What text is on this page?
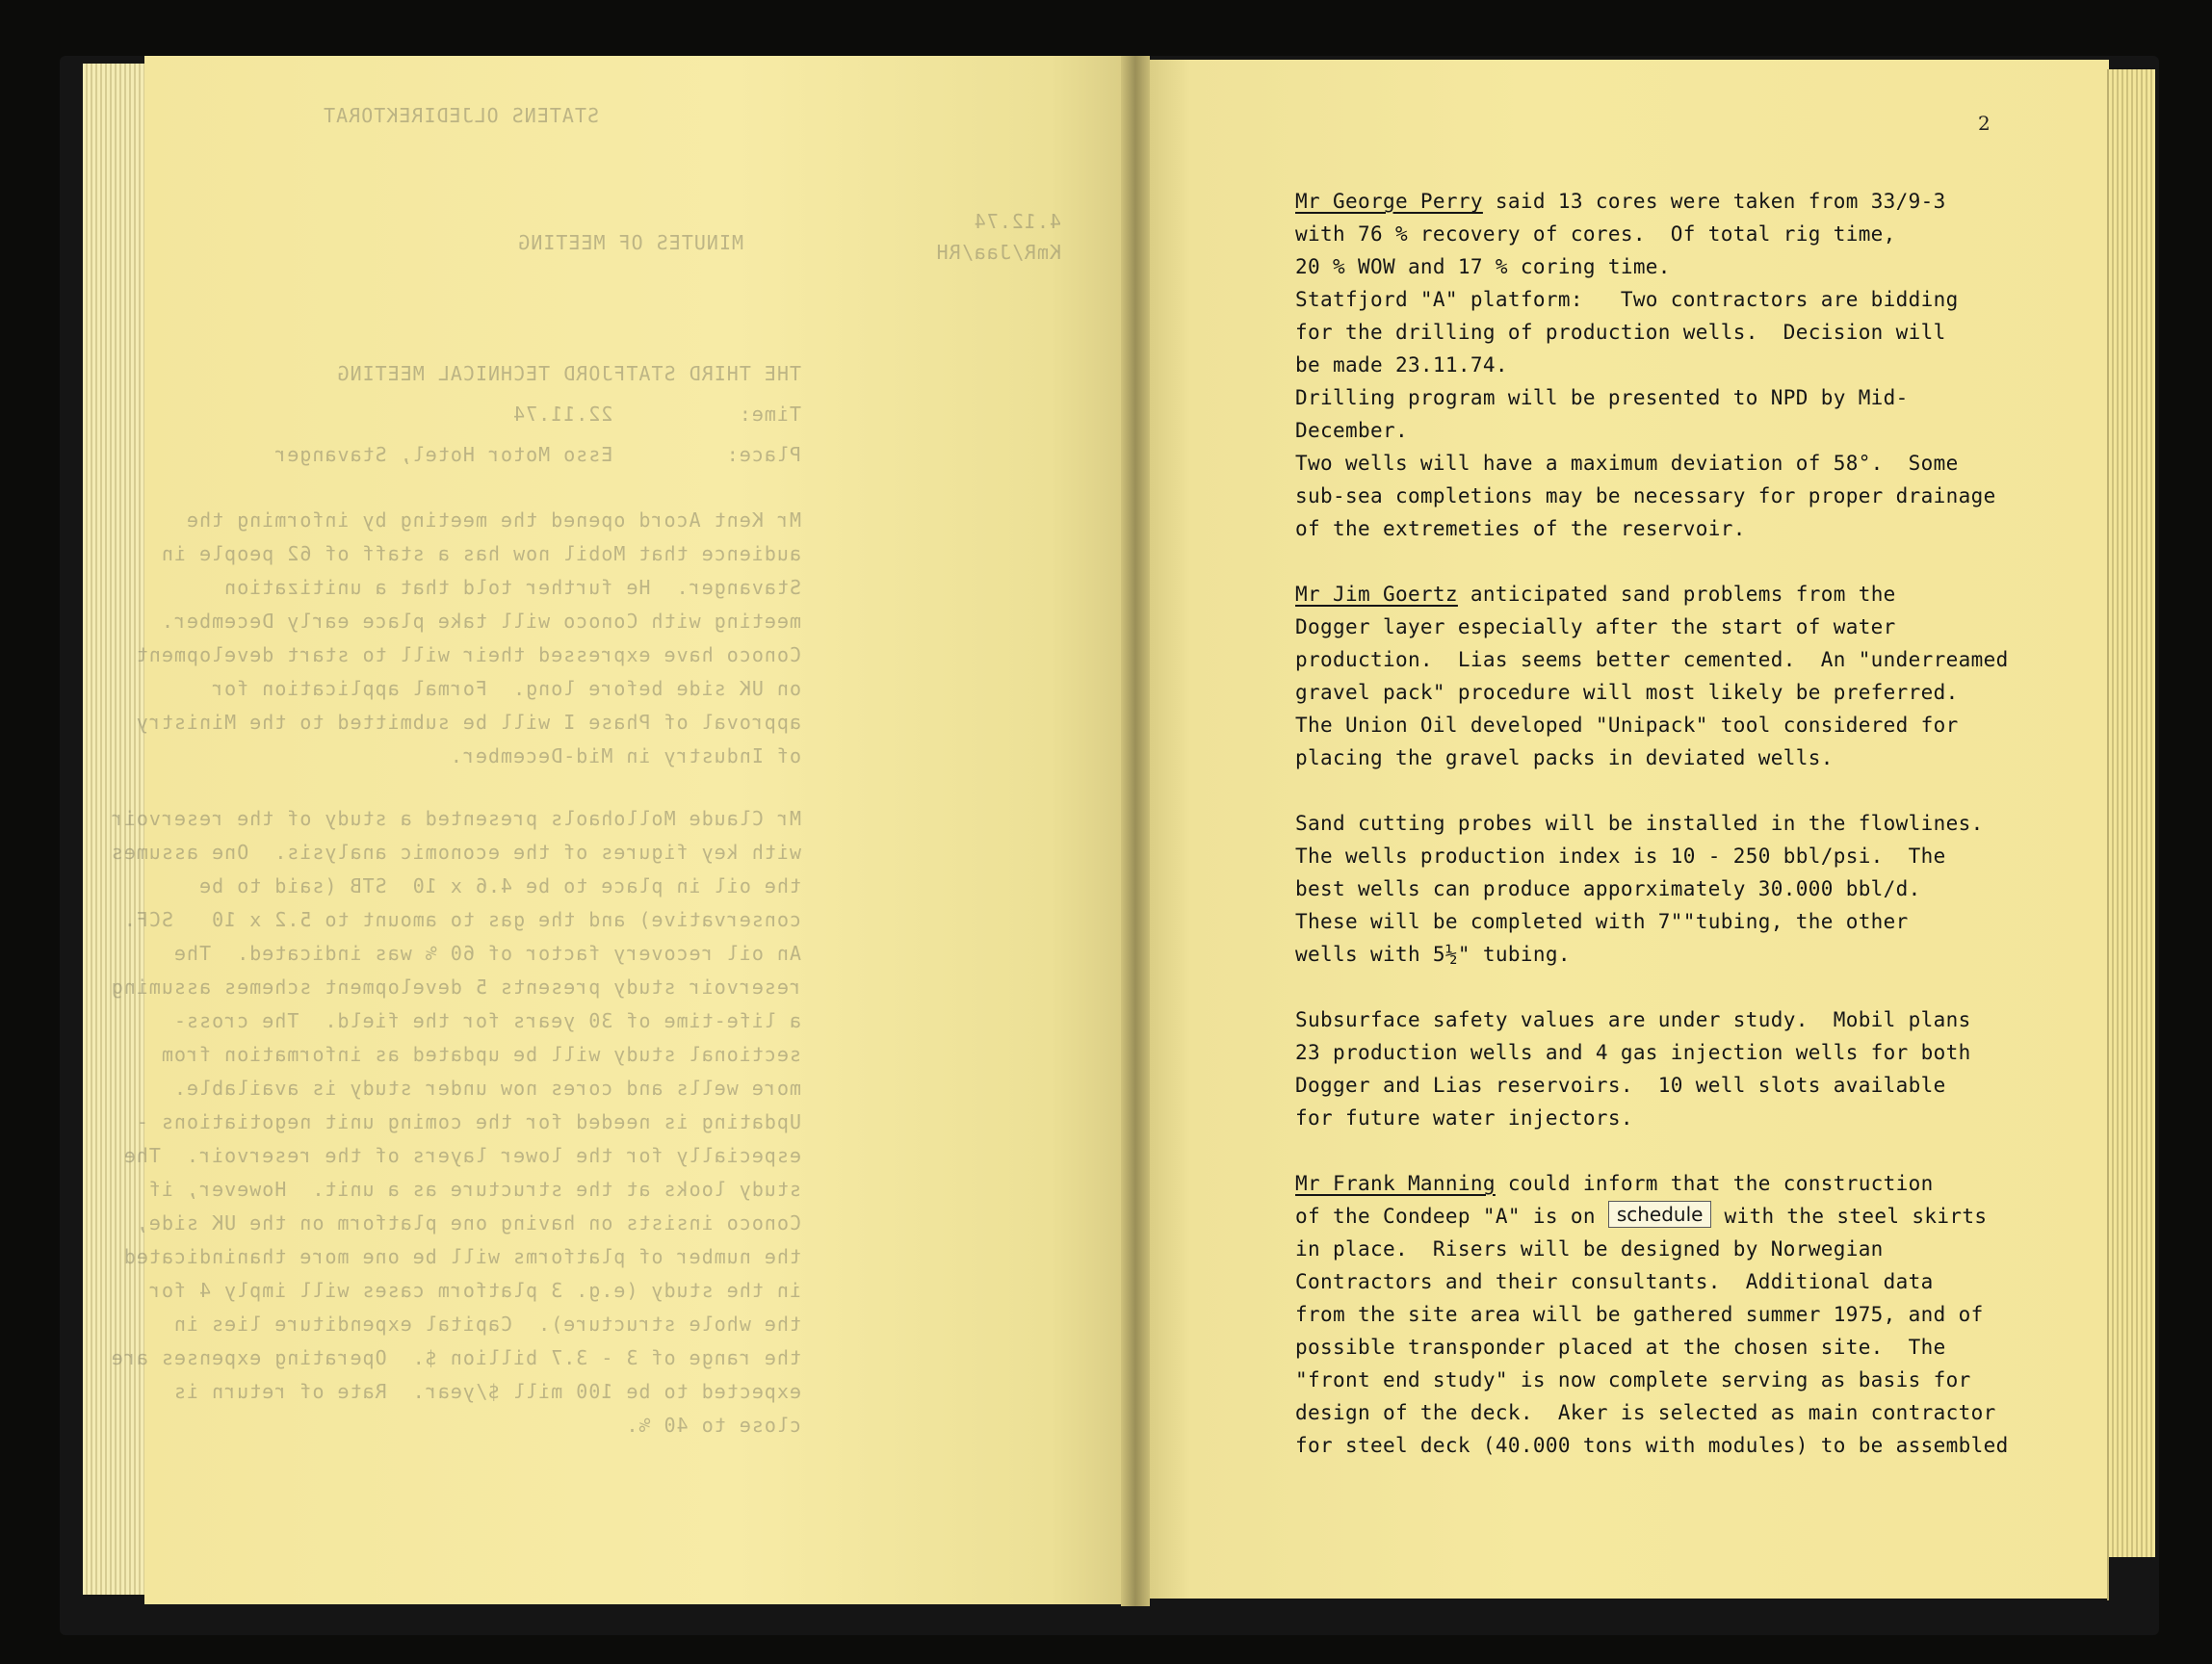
STATENS OLJEDIREKTORAT
MINUTES OF MEETING
4.12.74
KmR/Jaa/RH
THE THIRD STATFJORD TECHNICAL MEETING
Time:          22.11.74
Place:         Esso Motor Hotel, Stavanger
Mr Kent Acord opened the meeting by informing the
audience that Mobil now has a staff of 62 people in
Stavanger.  He further told that a unitization
meeting with Conoco will take place early December.
Conoco have expressed their will to start development
on UK side before long.  Formal application for
approval of Phase I will be submitted to the Ministry
of Industry in Mid-December.
Mr Claude Mollohaols presented a study of the reservoir
with key figures of the economic analysis.  One assumes
the oil in place to be 4.6 x 10  STB (said to be
conservative) and the gas to amount to 5.2 x 10   SCF.
An oil recovery factor of 60 % was indicated.  The
reservoir study presents 5 development schemes assuming
a life-time of 30 years for the field.  The cross-
sectional study will be updated as information from
more wells and cores now under study is available.
Updating is needed for the coming unit negotiations -
especially for the lower layers of the reservoir.  The
study looks at the structure as a unit.  However, if
Conoco insists on having one platform on the UK side,
the number of platforms will be one more thanindicated
in the study (e.g. 3 platform cases will imply 4 for
the whole structure).  Capital expenditure lies in
the range of 3 - 3.7 billion $.  Operating expenses are
expected to be 100 mill $/year.  Rate of return is
close to 40 %.
2
Mr George Perry said 13 cores were taken from 33/9-3
with 76 % recovery of cores.  Of total rig time,
20 % WOW and 17 % coring time.
Statfjord "A" platform:   Two contractors are bidding
for the drilling of production wells.  Decision will
be made 23.11.74.
Drilling program will be presented to NPD by Mid-
December.
Two wells will have a maximum deviation of 58°.  Some
sub-sea completions may be necessary for proper drainage
of the extremeties of the reservoir.
Mr Jim Goertz anticipated sand problems from the
Dogger layer especially after the start of water
production.  Lias seems better cemented.  An "underreamed
gravel pack" procedure will most likely be preferred.
The Union Oil developed "Unipack" tool considered for
placing the gravel packs in deviated wells.
Sand cutting probes will be installed in the flowlines.
The wells production index is 10 - 250 bbl/psi.  The
best wells can produce apporximately 30.000 bbl/d.
These will be completed with 7""tubing, the other
wells with 5½" tubing.
Subsurface safety values are under study.  Mobil plans
23 production wells and 4 gas injection wells for both
Dogger and Lias reservoirs.  10 well slots available
for future water injectors.
Mr Frank Manning could inform that the construction
of the Condeep "A" is on schedule with the steel skirts
in place.  Risers will be designed by Norwegian
Contractors and their consultants.  Additional data
from the site area will be gathered summer 1975, and of
possible transponder placed at the chosen site.  The
"front end study" is now complete serving as basis for
design of the deck.  Aker is selected as main contractor
for steel deck (40.000 tons with modules) to be assembled
